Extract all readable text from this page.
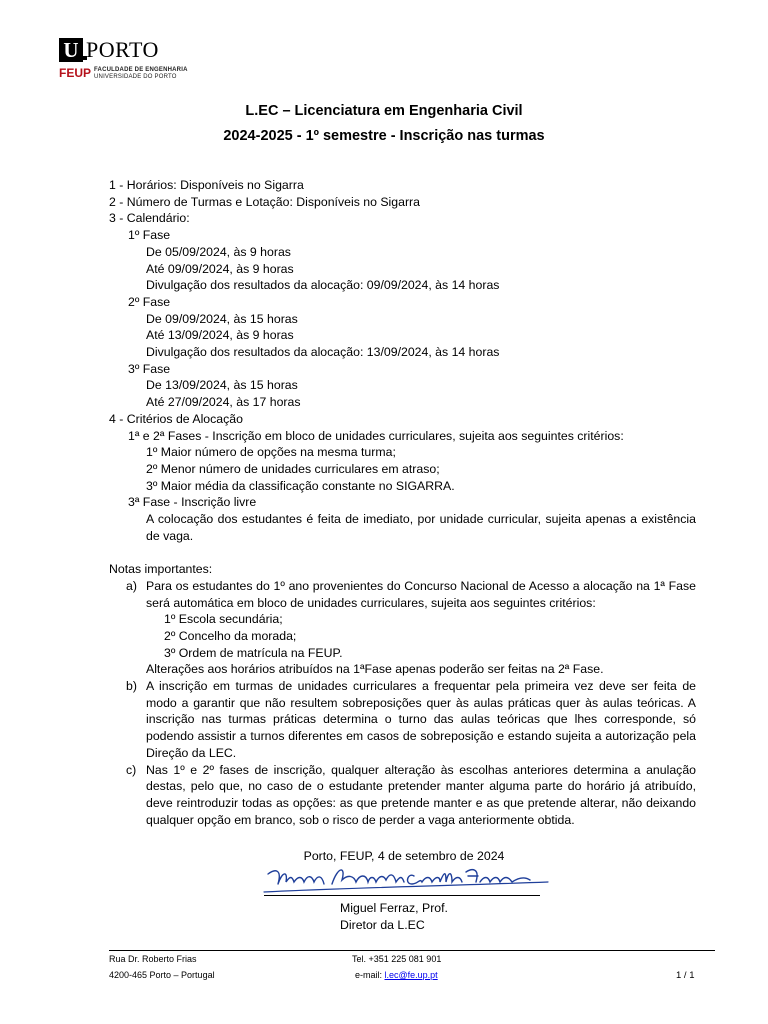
U PORTO
FEUP FACULDADE DE ENGENHARIA
UNIVERSIDADE DO PORTO
L.EC – Licenciatura em Engenharia Civil
2024-2025 - 1º semestre - Inscrição nas turmas
1 - Horários: Disponíveis no Sigarra
2 - Número de Turmas e Lotação: Disponíveis no Sigarra
3 - Calendário:
1º Fase
De 05/09/2024, às 9 horas
Até 09/09/2024, às 9 horas
Divulgação dos resultados da alocação: 09/09/2024, às 14 horas
2º Fase
De 09/09/2024, às 15 horas
Até 13/09/2024, às 9 horas
Divulgação dos resultados da alocação: 13/09/2024, às 14 horas
3º Fase
De 13/09/2024, às 15 horas
Até 27/09/2024, às 17 horas
4 - Critérios de Alocação
1ª e 2ª Fases - Inscrição em bloco de unidades curriculares, sujeita aos seguintes critérios:
1º Maior número de opções na mesma turma;
2º Menor número de unidades curriculares em atraso;
3º Maior média da classificação constante no SIGARRA.
3ª Fase - Inscrição livre
A colocação dos estudantes é feita de imediato, por unidade curricular, sujeita apenas a existência de vaga.
Notas importantes:
a) Para os estudantes do 1º ano provenientes do Concurso Nacional de Acesso a alocação na 1ª Fase será automática em bloco de unidades curriculares, sujeita aos seguintes critérios:
1º Escola secundária;
2º Concelho da morada;
3º Ordem de matrícula na FEUP.
Alterações aos horários atribuídos na 1ªFase apenas poderão ser feitas na 2ª Fase.
b) A inscrição em turmas de unidades curriculares a frequentar pela primeira vez deve ser feita de modo a garantir que não resultem sobreposições quer às aulas práticas quer às aulas teóricas. A inscrição nas turmas práticas determina o turno das aulas teóricas que lhes corresponde, só podendo assistir a turnos diferentes em casos de sobreposição e estando sujeita a autorização pela Direção da LEC.
c) Nas 1º e 2º fases de inscrição, qualquer alteração às escolhas anteriores determina a anulação destas, pelo que, no caso de o estudante pretender manter alguma parte do horário já atribuído, deve reintroduzir todas as opções: as que pretende manter e as que pretende alterar, não deixando qualquer opção em branco, sob o risco de perder a vaga anteriormente obtida.
Porto, FEUP, 4 de setembro de 2024
Miguel Ferraz, Prof.
Diretor da L.EC
Rua Dr. Roberto Frias
4200-465 Porto – Portugal
Tel. +351 225 081 901
e-mail: l.ec@fe.up.pt	1 / 1
